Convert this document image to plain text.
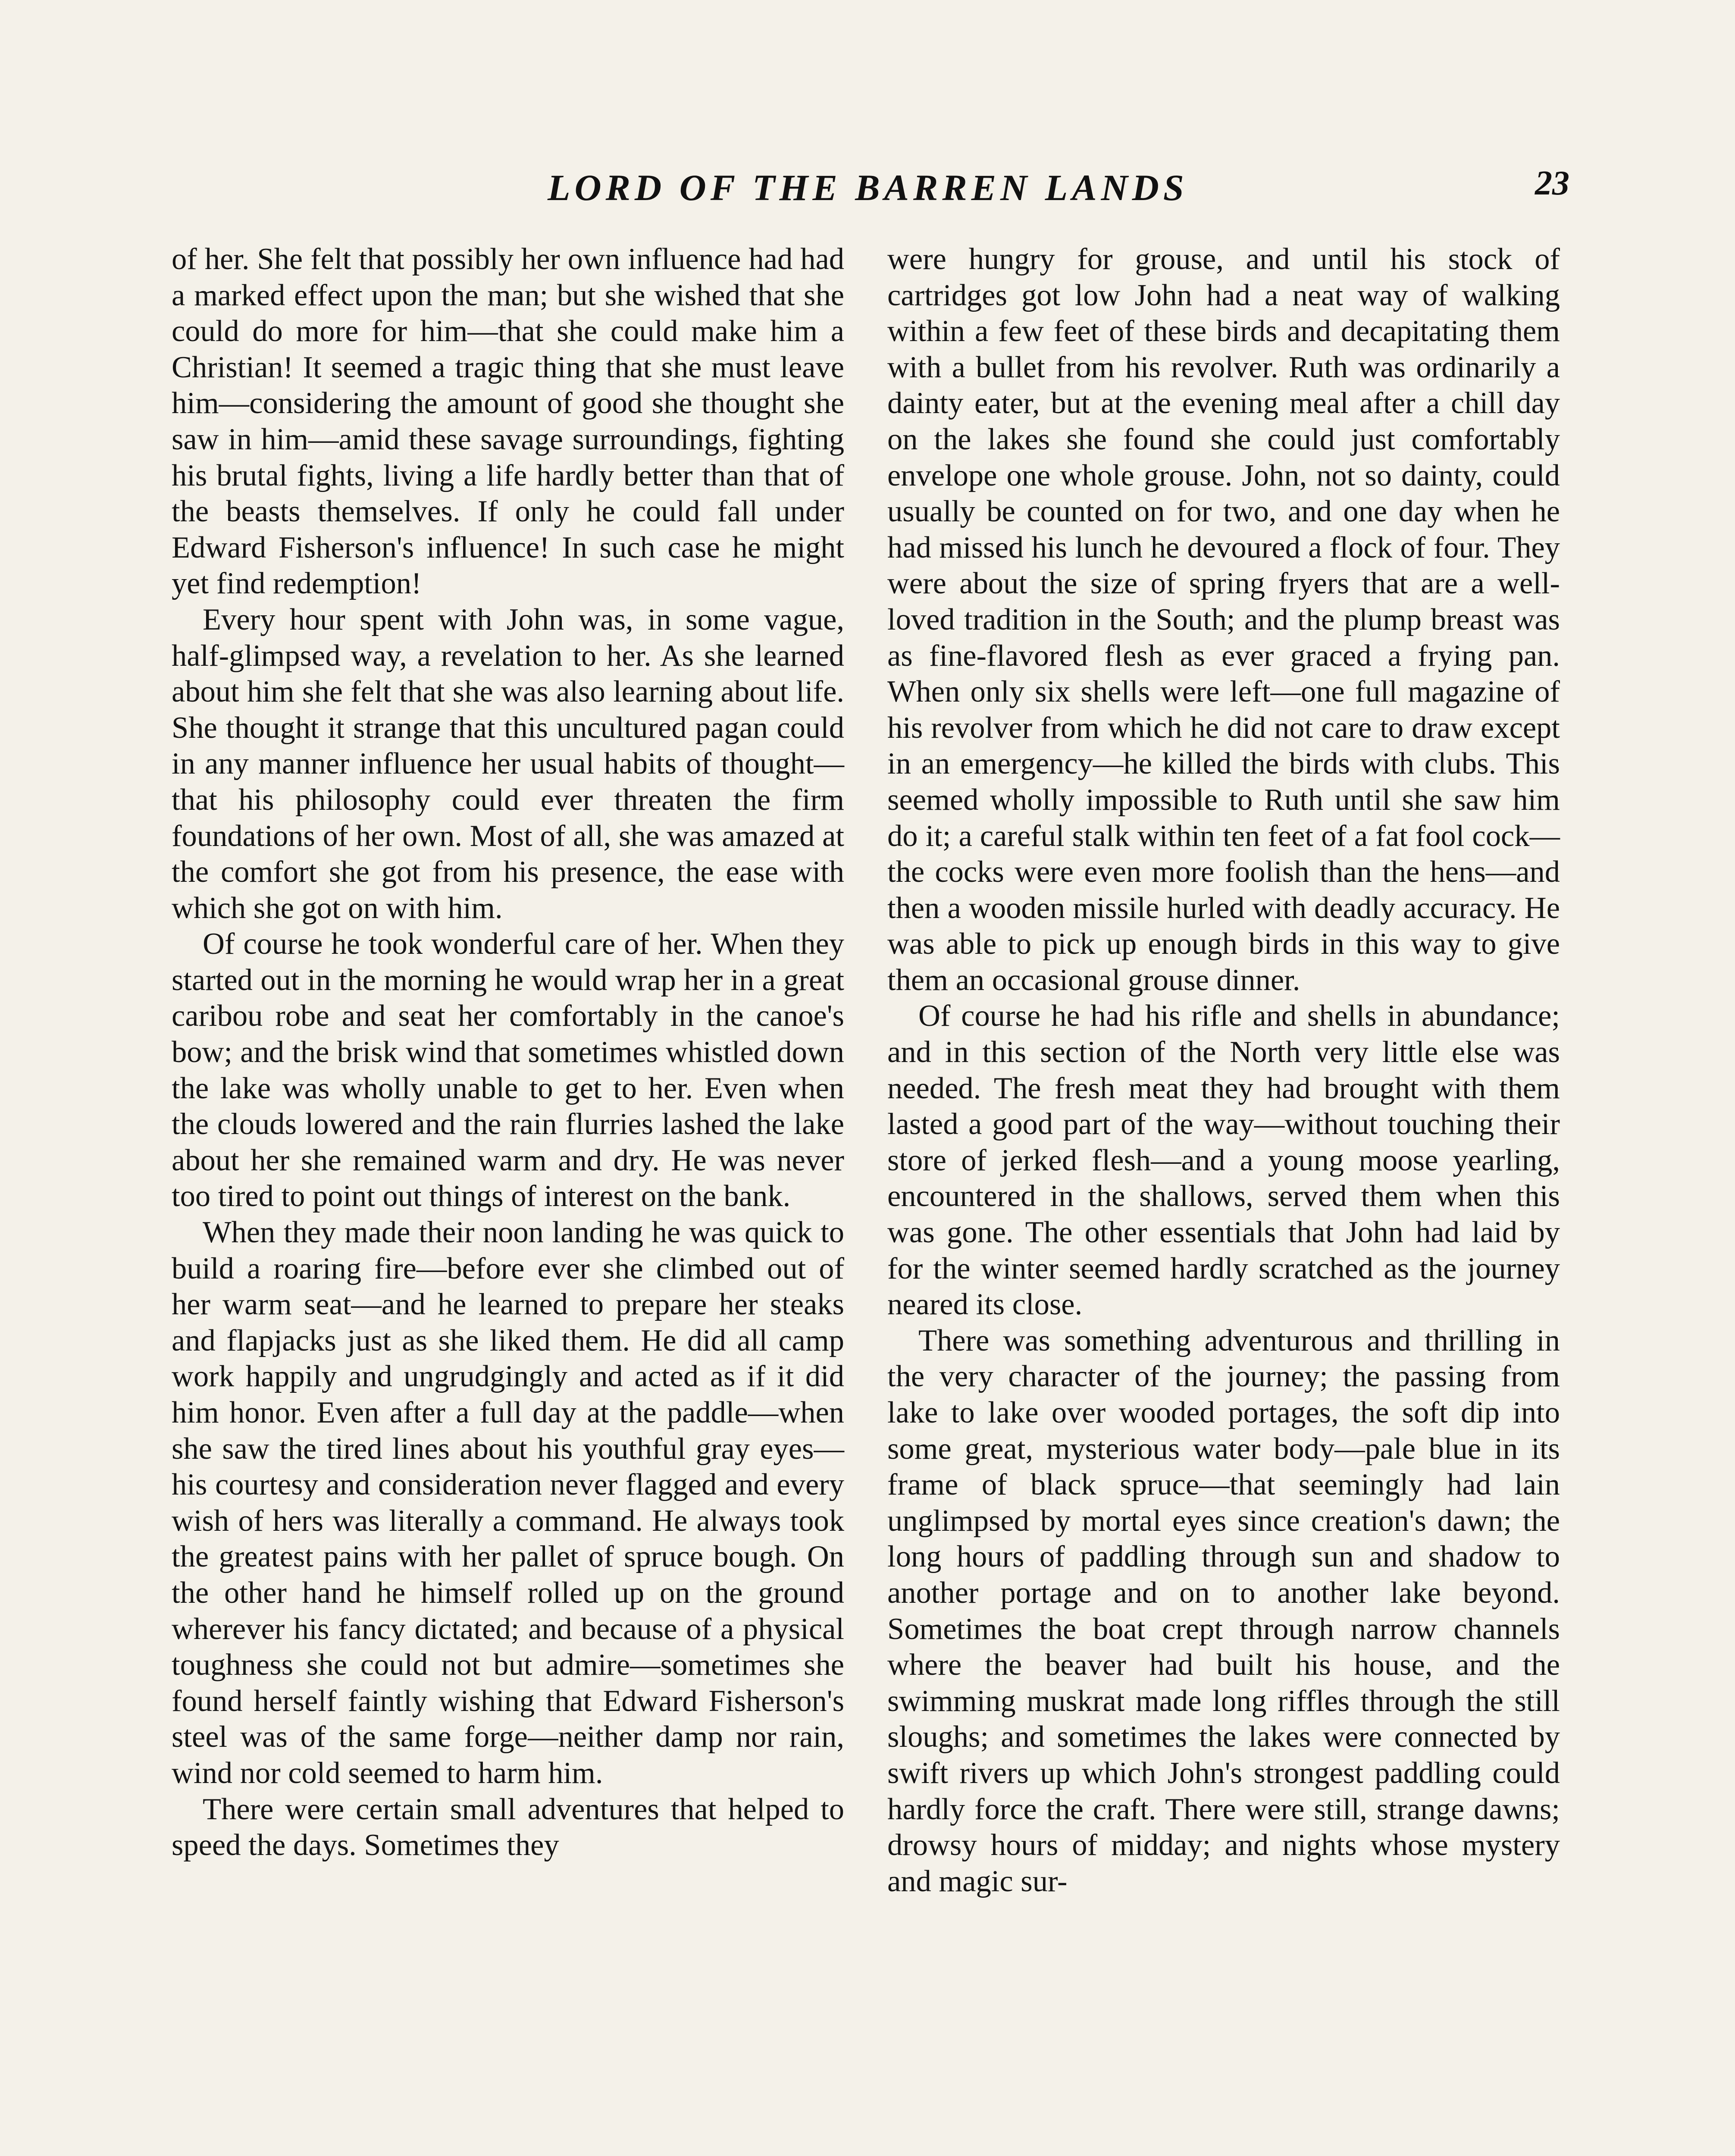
LORD OF THE BARREN LANDS	23

of her. She felt that possibly her own influence had had a marked effect upon the man; but she wished that she could do more for him—that she could make him a Christian! It seemed a tragic thing that she must leave him—considering the amount of good she thought she saw in him—amid these savage surroundings, fighting his brutal fights, living a life hardly better than that of the beasts themselves. If only he could fall under Edward Fisherson's influence! In such case he might yet find redemption!

Every hour spent with John was, in some vague, half-glimpsed way, a revelation to her. As she learned about him she felt that she was also learning about life. She thought it strange that this uncultured pagan could in any manner influence her usual habits of thought—that his philosophy could ever threaten the firm foundations of her own. Most of all, she was amazed at the comfort she got from his presence, the ease with which she got on with him.

Of course he took wonderful care of her. When they started out in the morning he would wrap her in a great caribou robe and seat her comfortably in the canoe's bow; and the brisk wind that sometimes whistled down the lake was wholly unable to get to her. Even when the clouds lowered and the rain flurries lashed the lake about her she remained warm and dry. He was never too tired to point out things of interest on the bank.

When they made their noon landing he was quick to build a roaring fire—before ever she climbed out of her warm seat—and he learned to prepare her steaks and flapjacks just as she liked them. He did all camp work happily and ungrudgingly and acted as if it did him honor. Even after a full day at the paddle—when she saw the tired lines about his youthful gray eyes—his courtesy and consideration never flagged and every wish of hers was literally a command. He always took the greatest pains with her pallet of spruce bough. On the other hand he himself rolled up on the ground wherever his fancy dictated; and because of a physical toughness she could not but admire—sometimes she found herself faintly wishing that Edward Fisherson's steel was of the same forge—neither damp nor rain, wind nor cold seemed to harm him.

There were certain small adventures that helped to speed the days. Sometimes they

were hungry for grouse, and until his stock of cartridges got low John had a neat way of walking within a few feet of these birds and decapitating them with a bullet from his revolver. Ruth was ordinarily a dainty eater, but at the evening meal after a chill day on the lakes she found she could just comfortably envelope one whole grouse. John, not so dainty, could usually be counted on for two, and one day when he had missed his lunch he devoured a flock of four. They were about the size of spring fryers that are a well-loved tradition in the South; and the plump breast was as fine-flavored flesh as ever graced a frying pan. When only six shells were left—one full magazine of his revolver from which he did not care to draw except in an emergency—he killed the birds with clubs. This seemed wholly impossible to Ruth until she saw him do it; a careful stalk within ten feet of a fat fool cock—the cocks were even more foolish than the hens—and then a wooden missile hurled with deadly accuracy. He was able to pick up enough birds in this way to give them an occasional grouse dinner.

Of course he had his rifle and shells in abundance; and in this section of the North very little else was needed. The fresh meat they had brought with them lasted a good part of the way—without touching their store of jerked flesh—and a young moose yearling, encountered in the shallows, served them when this was gone. The other essentials that John had laid by for the winter seemed hardly scratched as the journey neared its close.

There was something adventurous and thrilling in the very character of the journey; the passing from lake to lake over wooded portages, the soft dip into some great, mysterious water body—pale blue in its frame of black spruce—that seemingly had lain unglimpsed by mortal eyes since creation's dawn; the long hours of paddling through sun and shadow to another portage and on to another lake beyond. Sometimes the boat crept through narrow channels where the beaver had built his house, and the swimming muskrat made long riffles through the still sloughs; and sometimes the lakes were connected by swift rivers up which John's strongest paddling could hardly force the craft. There were still, strange dawns; drowsy hours of midday; and nights whose mystery and magic sur-
